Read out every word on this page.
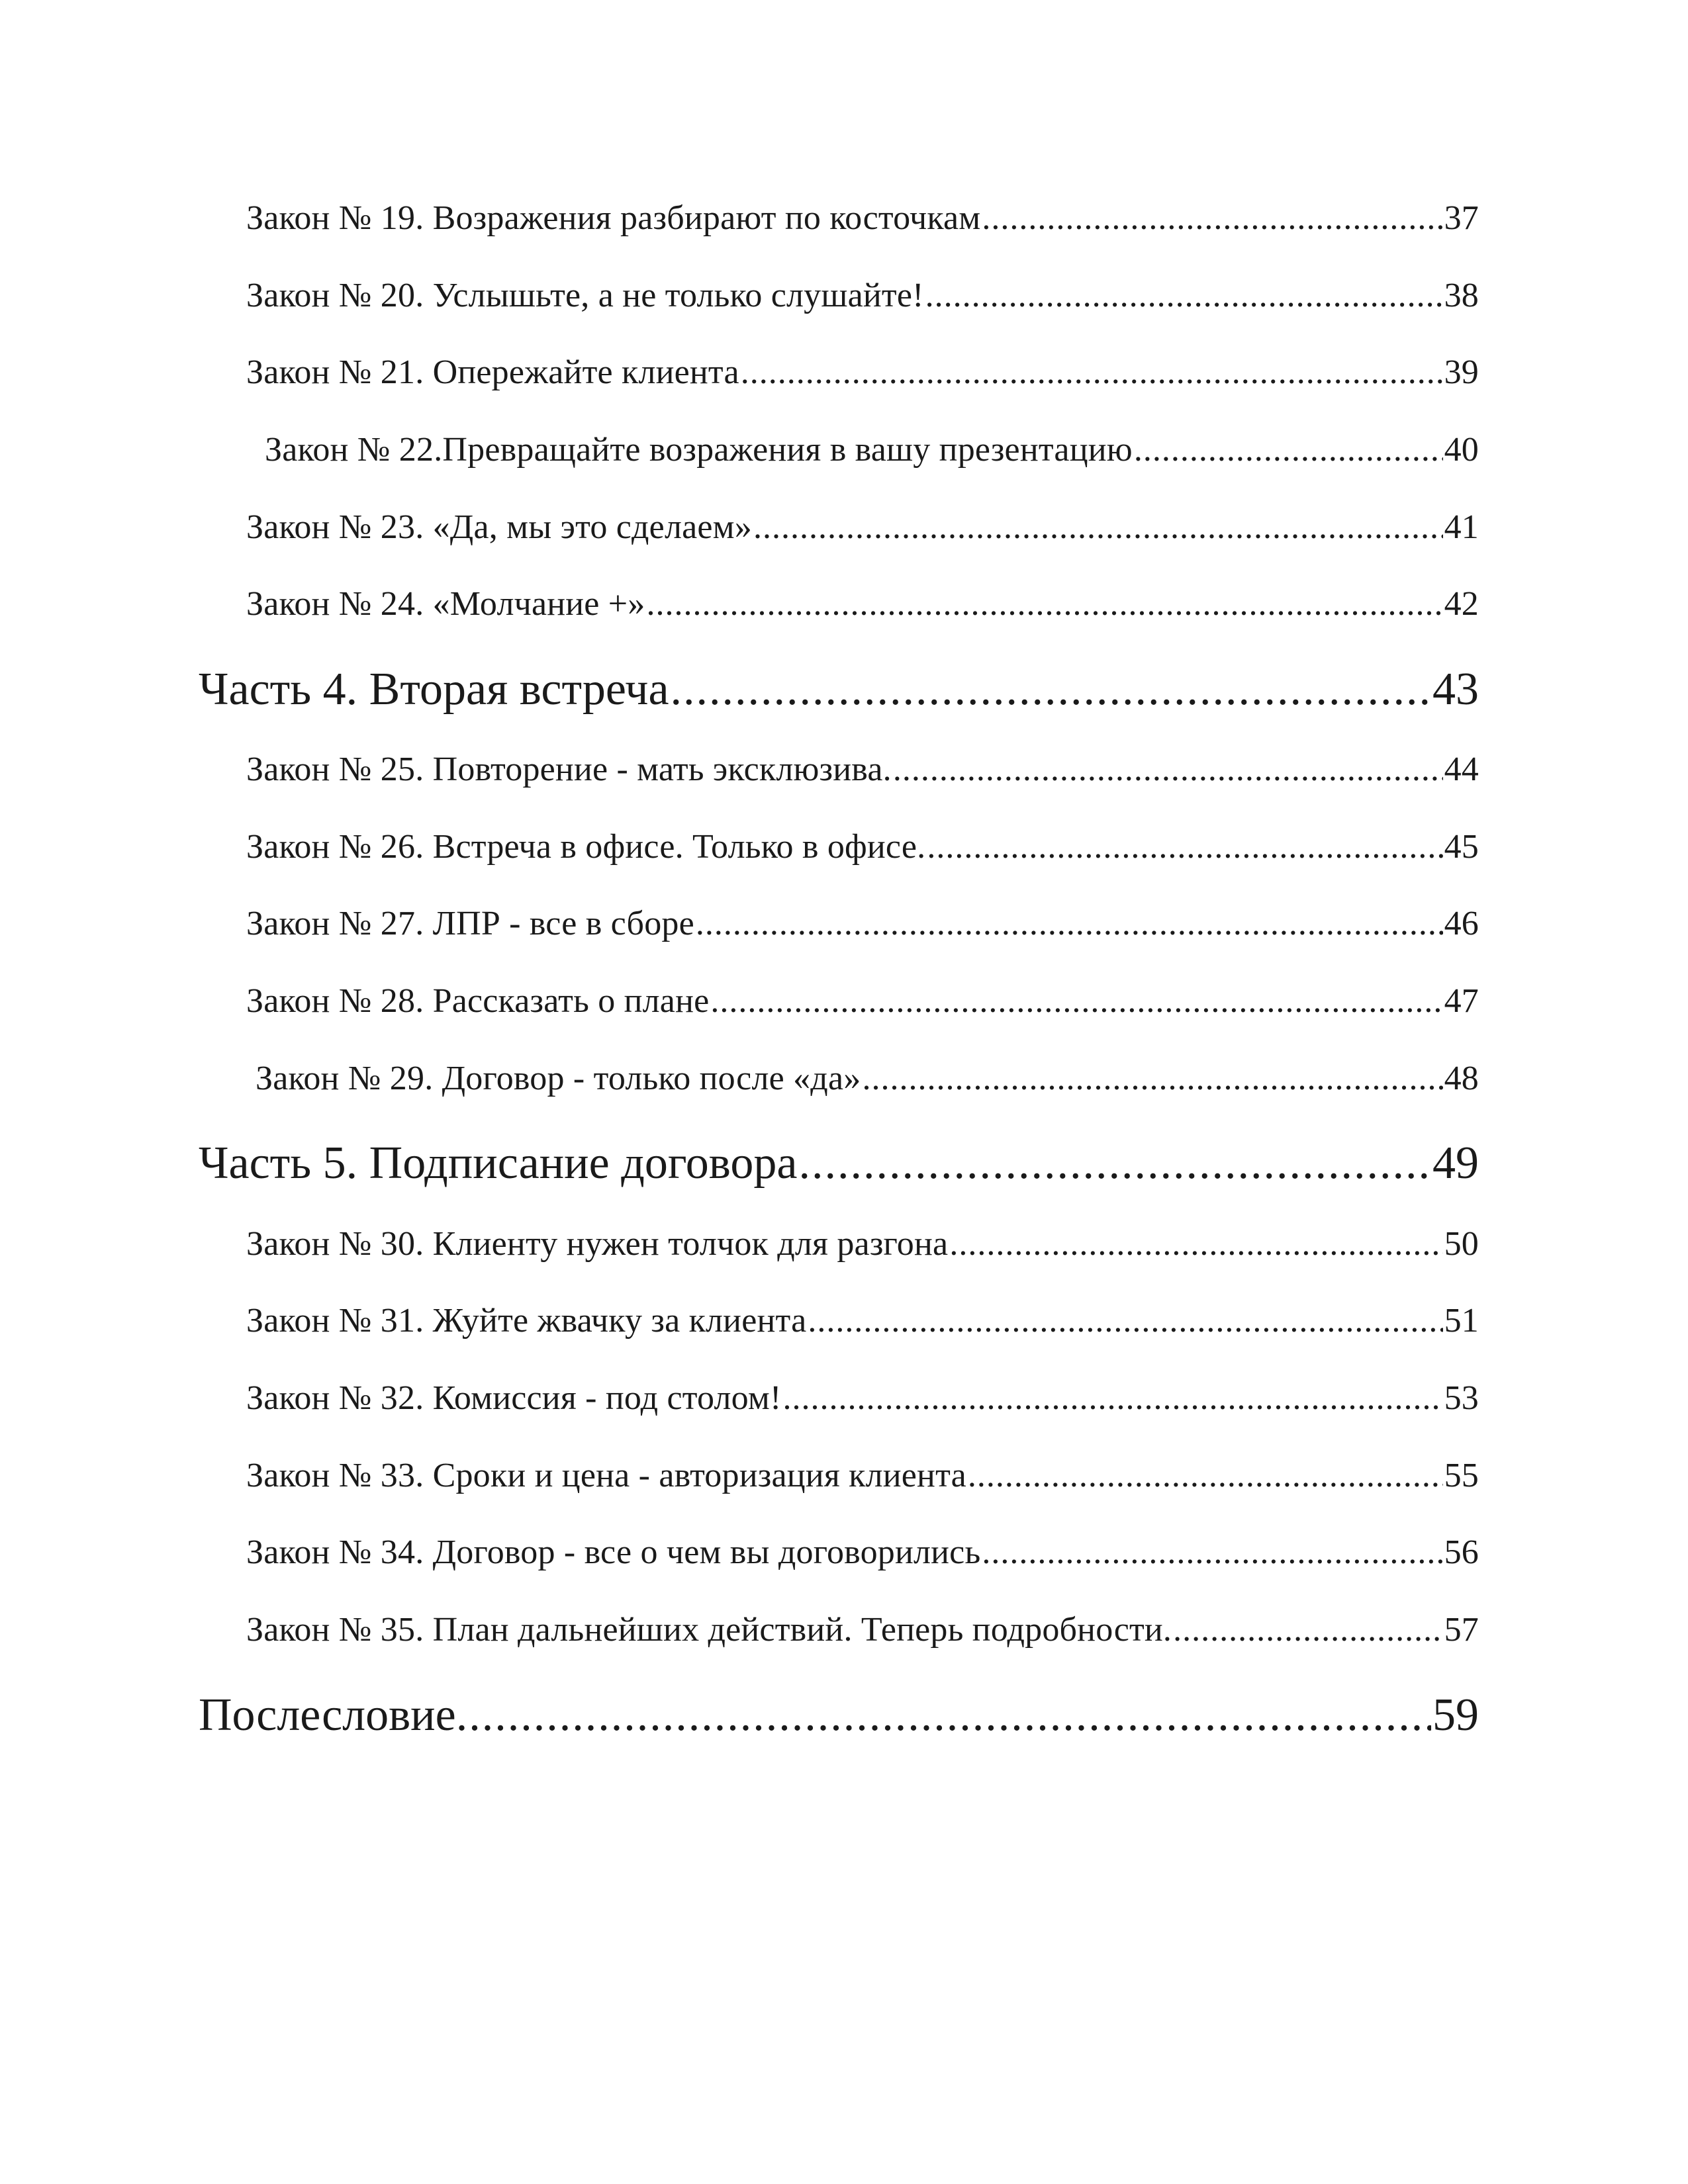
Закон № 19. Возражения разбирают по косточкам .....	37
Закон № 20. Услышьте, а не только слушайте! .....	38
Закон № 21. Опережайте клиента .....	39
Закон № 22.Превращайте возражения в вашу презентацию .....	40
Закон № 23. «Да, мы это сделаем» .....	41
Закон № 24. «Молчание +» .....	42
Часть 4. Вторая встреча .....	43
Закон № 25. Повторение - мать эксклюзива. .....	44
Закон № 26. Встреча в офисе. Только в офисе. .....	45
Закон № 27. ЛПР - все в сборе .....	46
Закон № 28. Рассказать о плане .....	47
Закон № 29. Договор - только после «да» .....	48
Часть 5. Подписание договора .....	49
Закон № 30. Клиенту нужен толчок для разгона .....	50
Закон № 31. Жуйте жвачку за клиента .....	51
Закон № 32. Комиссия - под столом! .....	53
Закон № 33. Сроки и цена - авторизация клиента .....	55
Закон № 34. Договор - все о чем вы договорились .....	56
Закон № 35. План дальнейших действий. Теперь подробности. .....	57
Послесловие. .....	59
